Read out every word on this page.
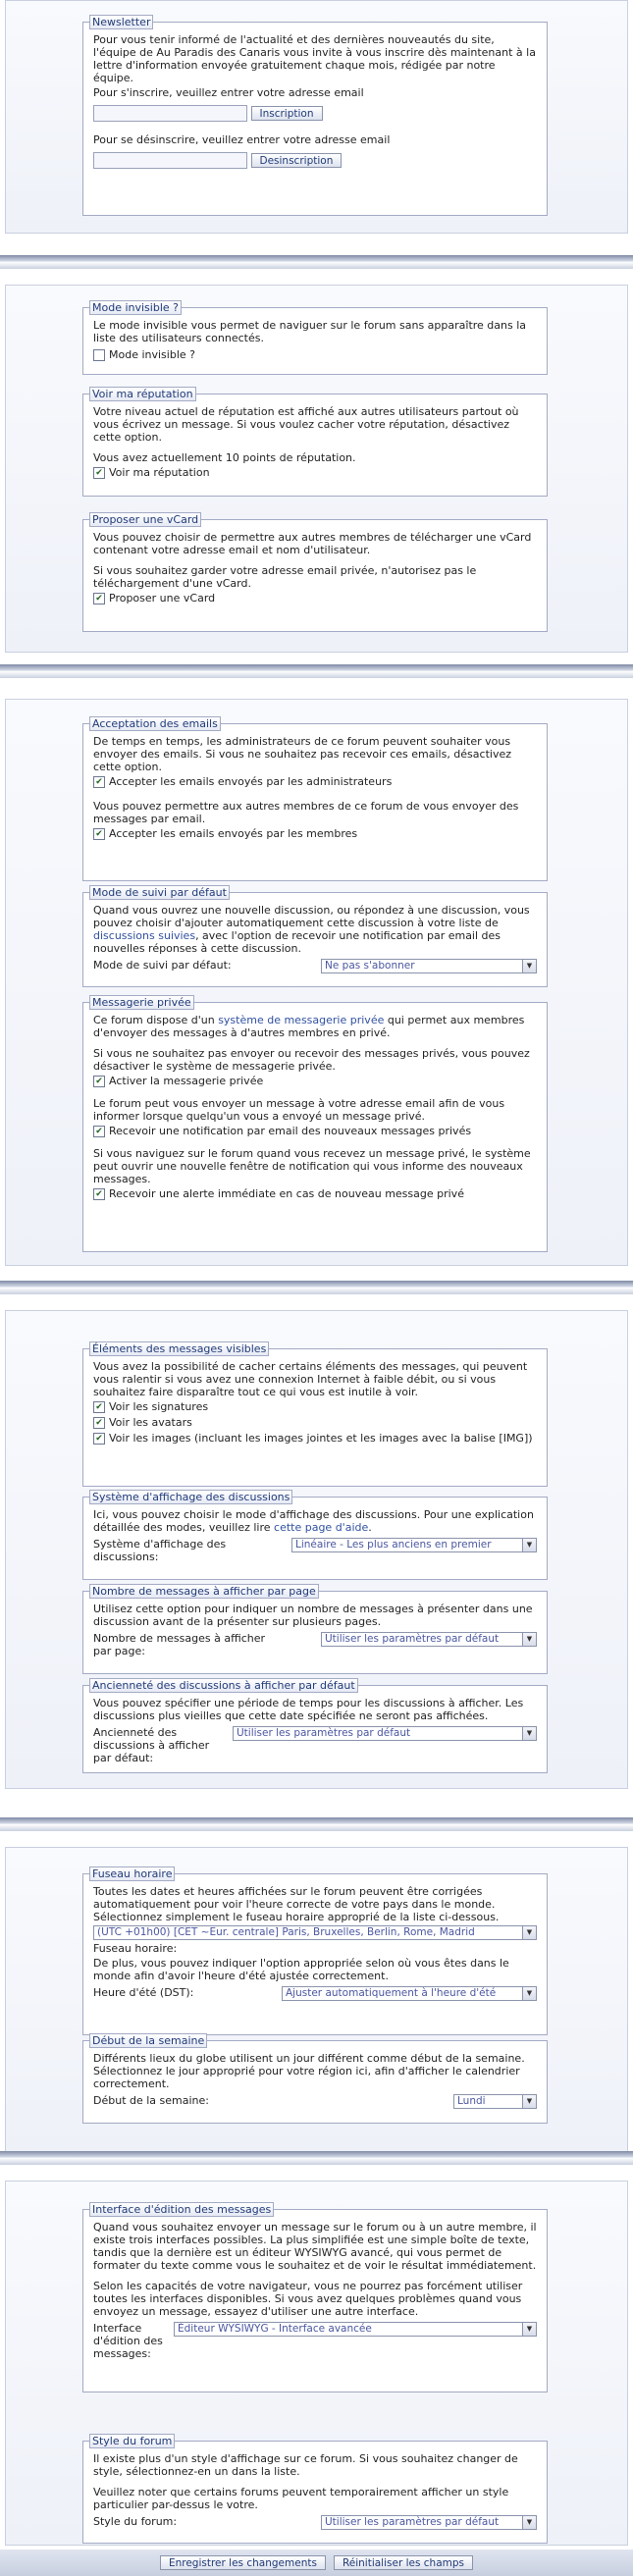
Newsletter

Pour vous tenir informé de l'actualité et des dernières nouveautés du site, l'équipe de Au Paradis des Canaris vous invite à vous inscrire dès maintenant à la lettre d'information envoyée gratuitement chaque mois, rédigée par notre équipe.

Pour s'inscrire, veuillez entrer votre adresse email

Inscription

Pour se désinscrire, veuillez entrer votre adresse email

Desinscription
Mode invisible ?

Le mode invisible vous permet de naviguer sur le forum sans apparaître dans la liste des utilisateurs connectés.

Mode invisible ?
Voir ma réputation

Votre niveau actuel de réputation est affiché aux autres utilisateurs partout où vous écrivez un message. Si vous voulez cacher votre réputation, désactivez cette option.

Vous avez actuellement 10 points de réputation.

✔ Voir ma réputation
Proposer une vCard

Vous pouvez choisir de permettre aux autres membres de télécharger une vCard contenant votre adresse email et nom d'utilisateur.

Si vous souhaitez garder votre adresse email privée, n'autorisez pas le téléchargement d'une vCard.

✔ Proposer une vCard
Acceptation des emails

De temps en temps, les administrateurs de ce forum peuvent souhaiter vous envoyer des emails. Si vous ne souhaitez pas recevoir ces emails, désactivez cette option.

✔ Accepter les emails envoyés par les administrateurs

Vous pouvez permettre aux autres membres de ce forum de vous envoyer des messages par email.

✔ Accepter les emails envoyés par les membres
Mode de suivi par défaut

Quand vous ouvrez une nouvelle discussion, ou répondez à une discussion, vous pouvez choisir d'ajouter automatiquement cette discussion à votre liste de discussions suivies, avec l'option de recevoir une notification par email des nouvelles réponses à cette discussion.

Mode de suivi par défaut:	Ne pas s'abonner	▼
Messagerie privée

Ce forum dispose d'un système de messagerie privée qui permet aux membres d'envoyer des messages à d'autres membres en privé.

Si vous ne souhaitez pas envoyer ou recevoir des messages privés, vous pouvez désactiver le système de messagerie privée.

✔ Activer la messagerie privée

Le forum peut vous envoyer un message à votre adresse email afin de vous informer lorsque quelqu'un vous a envoyé un message privé.

✔ Recevoir une notification par email des nouveaux messages privés

Si vous naviguez sur le forum quand vous recevez un message privé, le système peut ouvrir une nouvelle fenêtre de notification qui vous informe des nouveaux messages.

✔ Recevoir une alerte immédiate en cas de nouveau message privé
Éléments des messages visibles

Vous avez la possibilité de cacher certains éléments des messages, qui peuvent vous ralentir si vous avez une connexion Internet à faible débit, ou si vous souhaitez faire disparaître tout ce qui vous est inutile à voir.

✔ Voir les signatures
✔ Voir les avatars
✔ Voir les images (incluant les images jointes et les images avec la balise [IMG])
Système d'affichage des discussions

Ici, vous pouvez choisir le mode d'affichage des discussions. Pour une explication détaillée des modes, veuillez lire cette page d'aide.

Système d'affichage des discussions:
Linéaire - Les plus anciens en premier	▼
Nombre de messages à afficher par page

Utilisez cette option pour indiquer un nombre de messages à présenter dans une discussion avant de la présenter sur plusieurs pages.

Nombre de messages à afficher par page:
Utiliser les paramètres par défaut	▼
Ancienneté des discussions à afficher par défaut

Vous pouvez spécifier une période de temps pour les discussions à afficher. Les discussions plus vieilles que cette date spécifiée ne seront pas affichées.

Ancienneté des discussions à afficher par défaut:
Utiliser les paramètres par défaut	▼
Fuseau horaire

Toutes les dates et heures affichées sur le forum peuvent être corrigées automatiquement pour voir l'heure correcte de votre pays dans le monde. Sélectionnez simplement le fuseau horaire approprié de la liste ci-dessous.

(UTC +01h00) [CET ~Eur. centrale] Paris, Bruxelles, Berlin, Rome, Madrid	▼

Fuseau horaire:

De plus, vous pouvez indiquer l'option appropriée selon où vous êtes dans le monde afin d'avoir l'heure d'été ajustée correctement.

Heure d'été (DST):	Ajuster automatiquement à l'heure d'été	▼
Début de la semaine

Différents lieux du globe utilisent un jour différent comme début de la semaine. Sélectionnez le jour approprié pour votre région ici, afin d'afficher le calendrier correctement.

Début de la semaine:	Lundi	▼
Interface d'édition des messages

Quand vous souhaitez envoyer un message sur le forum ou à un autre membre, il existe trois interfaces possibles. La plus simplifiée est une simple boîte de texte, tandis que la dernière est un éditeur WYSIWYG avancé, qui vous permet de formater du texte comme vous le souhaitez et de voir le résultat immédiatement.

Selon les capacités de votre navigateur, vous ne pourrez pas forcément utiliser toutes les interfaces disponibles. Si vous avez quelques problèmes quand vous envoyez un message, essayez d'utiliser une autre interface.

Interface d'édition des messages:
Éditeur WYSIWYG - Interface avancée	▼
Style du forum

Il existe plus d'un style d'affichage sur ce forum. Si vous souhaitez changer de style, sélectionnez-en un dans la liste.

Veuillez noter que certains forums peuvent temporairement afficher un style particulier par-dessus le votre.

Style du forum:	Utiliser les paramètres par défaut	▼
Enregistrer les changements	Réinitialiser les champs
